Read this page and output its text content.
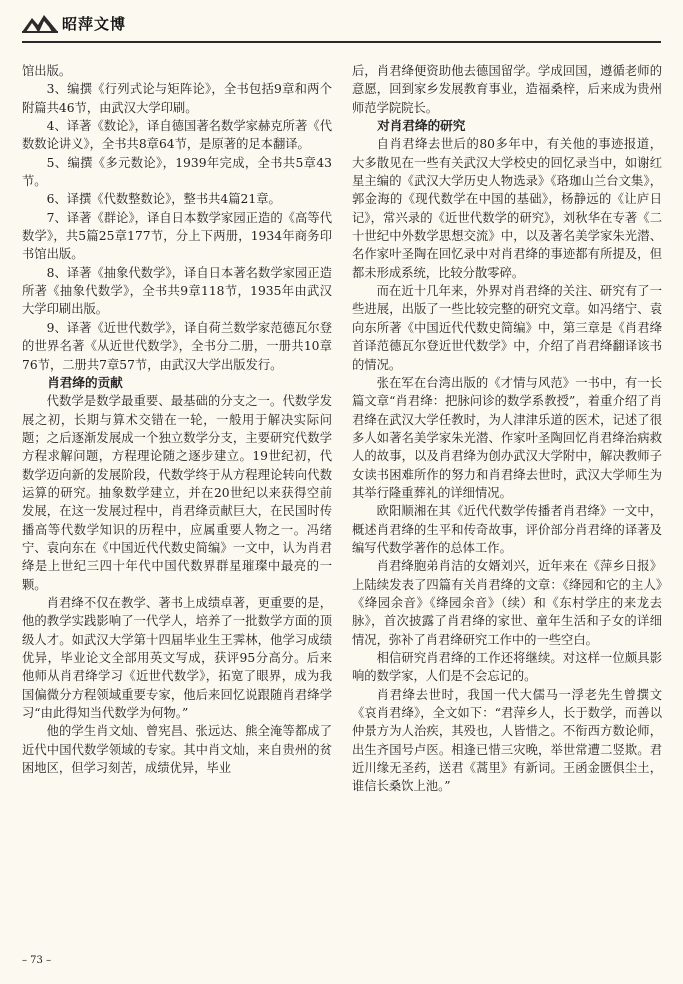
昭萍文博

馆出版。

3、编撰《行列式论与矩阵论》，全书包括9章和两个附篇共46节，由武汉大学印刷。

4、译著《数论》，译自德国著名数学家赫克所著《代数数论讲义》，全书共8章64节，是原著的足本翻译。

5、编撰《多元数论》，1939年完成，全书共5章43节。

6、译撰《代数整数论》，整书共4篇21章。

7、译著《群论》，译自日本数学家园正造的《高等代数学》，共5篇25章177节，分上下两册，1934年商务印书馆出版。

8、译著《抽象代数学》，译自日本著名数学家园正造所著《抽象代数学》，全书共9章118节，1935年由武汉大学印刷出版。

9、译著《近世代数学》，译自荷兰数学家范德瓦尔登的世界名著《从近世代数学》，全书分二册，一册共10章76节，二册共7章57节，由武汉大学出版发行。

肖君绛的贡献

代数学是数学最重要、最基础的分支之一。代数学发展之初，长期与算术交错在一轮，一般用于解决实际问题；之后逐渐发展成一个独立数学分支，主要研究代数学方程求解问题，方程理论随之逐步建立。19世纪初，代数学迈向新的发展阶段，代数学终于从方程理论转向代数运算的研究。抽象数学建立，并在20世纪以来获得空前发展，在这一发展过程中，肖君绛贡献巨大，在民国时传播高等代数学知识的历程中，应属重要人物之一。冯绪宁、袁向东在《中国近代代数史简编》一文中，认为肖君绛是上世纪三四十年代中国代数界群星璀璨中最亮的一颗。

肖君绛不仅在教学、著书上成绩卓著，更重要的是，他的教学实践影响了一代学人，培养了一批数学方面的顶级人才。如武汉大学第十四届毕业生王霁林，他学习成绩优异，毕业论文全部用英文写成，获评95分高分。后来他师从肖君绛学习《近世代数学》，拓宽了眼界，成为我国偏微分方程领域重要专家，他后来回忆说跟随肖君绛学习“由此得知当代数学为何物。”

他的学生肖文灿、曾宪昌、张远达、熊全淹等都成了近代中国代数学领域的专家。其中肖文灿，来自贵州的贫困地区，但学习刻苦，成绩优异，毕业

后，肖君绛便资助他去德国留学。学成回国，遵循老师的意愿，回到家乡发展教育事业，造福桑梓，后来成为贵州师范学院院长。

对肖君绛的研究

自肖君绛去世后的80多年中，有关他的事迹报道，大多散见在一些有关武汉大学校史的回忆录当中，如谢红星主编的《武汉大学历史人物选录》《珞珈山兰台文集》，郭金海的《现代数学在中国的基础》，杨静远的《让庐日记》，常兴录的《近世代数学的研究》，刘秋华在专著《二十世纪中外数学思想交流》中，以及著名美学家朱光潜、名作家叶圣陶在回忆录中对肖君绛的事迹都有所提及，但都未形成系统，比较分散零碎。

而在近十几年来，外界对肖君绛的关注、研究有了一些进展，出版了一些比较完整的研究文章。如冯绪宁、袁向东所著《中国近代代数史简编》中，第三章是《肖君绛首译范德瓦尔登近世代数学》中，介绍了肖君绛翻译该书的情况。

张在军在台湾出版的《才情与风范》一书中，有一长篇文章“肖君绛：把脉问诊的数学系教授”，着重介绍了肖君绛在武汉大学任教时，为人津津乐道的医术，记述了很多人如著名美学家朱光潜、作家叶圣陶回忆肖君绛治病救人的故事，以及肖君绛为创办武汉大学附中，解决教师子女读书困难所作的努力和肖君绛去世时，武汉大学师生为其举行隆重葬礼的详细情况。

欧阳顺湘在其《近代代数学传播者肖君绛》一文中，概述肖君绛的生平和传奇故事，评价部分肖君绛的译著及编写代数学著作的总体工作。

肖君绛胞弟肖洁的女婿刘兴，近年来在《萍乡日报》上陆续发表了四篇有关肖君绛的文章：《绛园和它的主人》《绛园余音》《绛园余音》（续）和《东村学庄的来龙去脉》，首次披露了肖君绛的家世、童年生活和子女的详细情况，弥补了肖君绛研究工作中的一些空白。

相信研究肖君绛的工作还将继续。对这样一位颇具影响的数学家，人们是不会忘记的。

肖君绛去世时，我国一代大儒马一浮老先生曾撰文《哀肖君绛》，全文如下：“君萍乡人，长于数学，而善以仲景方为人治疾，其殁也，人皆惜之。不衔西方数论师，出生齐国号卢医。相逢已惜三灾晚，举世常遭二竖欺。君近川缘无圣药，送君《蒿里》有新词。王函金匮俱尘土，谁信长桑饮上池。”

– 73 –
